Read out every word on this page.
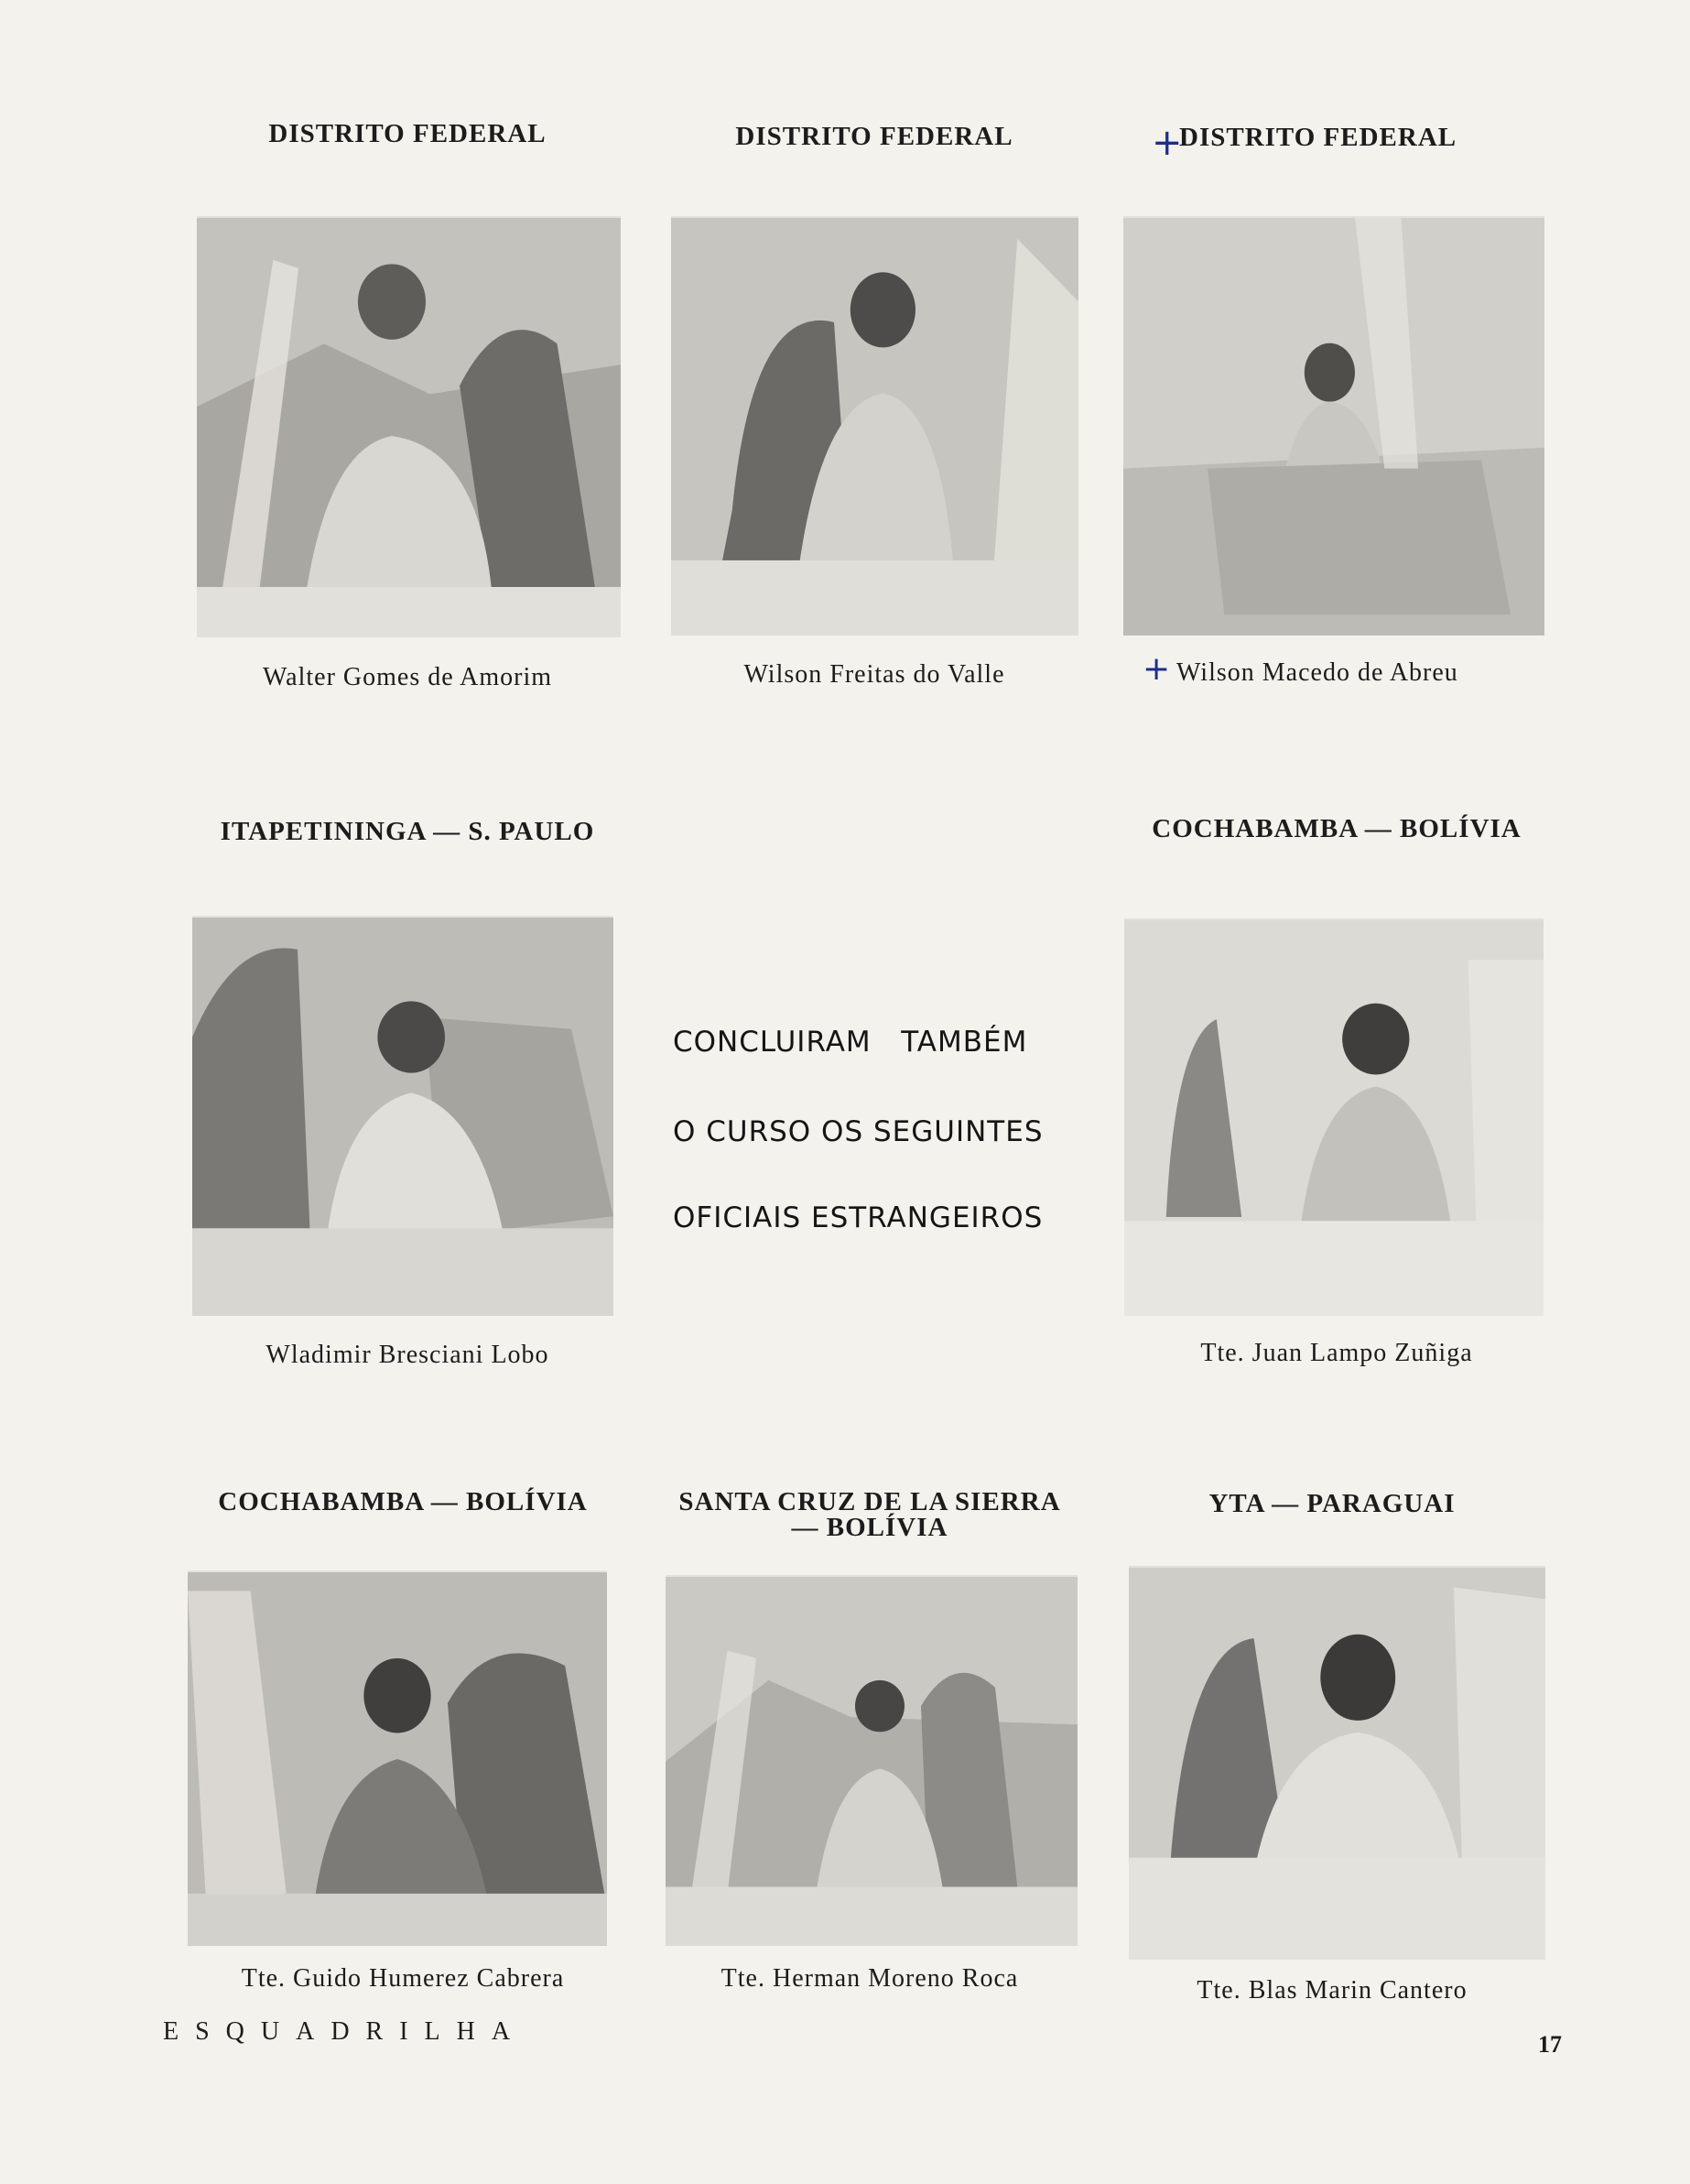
DISTRITO FEDERAL	DISTRITO FEDERAL	+
DISTRITO FEDERAL
Walter Gomes de Amorim	Wilson Freitas do Valle	+ Wilson Macedo de Abreu
ITAPETININGA — S. PAULO	COCHABAMBA — BOLÍVIA
CONCLUIRAM   TAMBÉM
O CURSO OS SEGUINTES
OFICIAIS ESTRANGEIROS
Wladimir Bresciani Lobo	Tte. Juan Lampo Zuñiga
COCHABAMBA — BOLÍVIA	SANTA CRUZ DE LA SIERRA
— BOLÍVIA
YTA — PARAGUAI
Tte. Guido Humerez Cabrera	Tte. Herman Moreno Roca	Tte. Blas Marin Cantero
ESQUADRILHA	17
